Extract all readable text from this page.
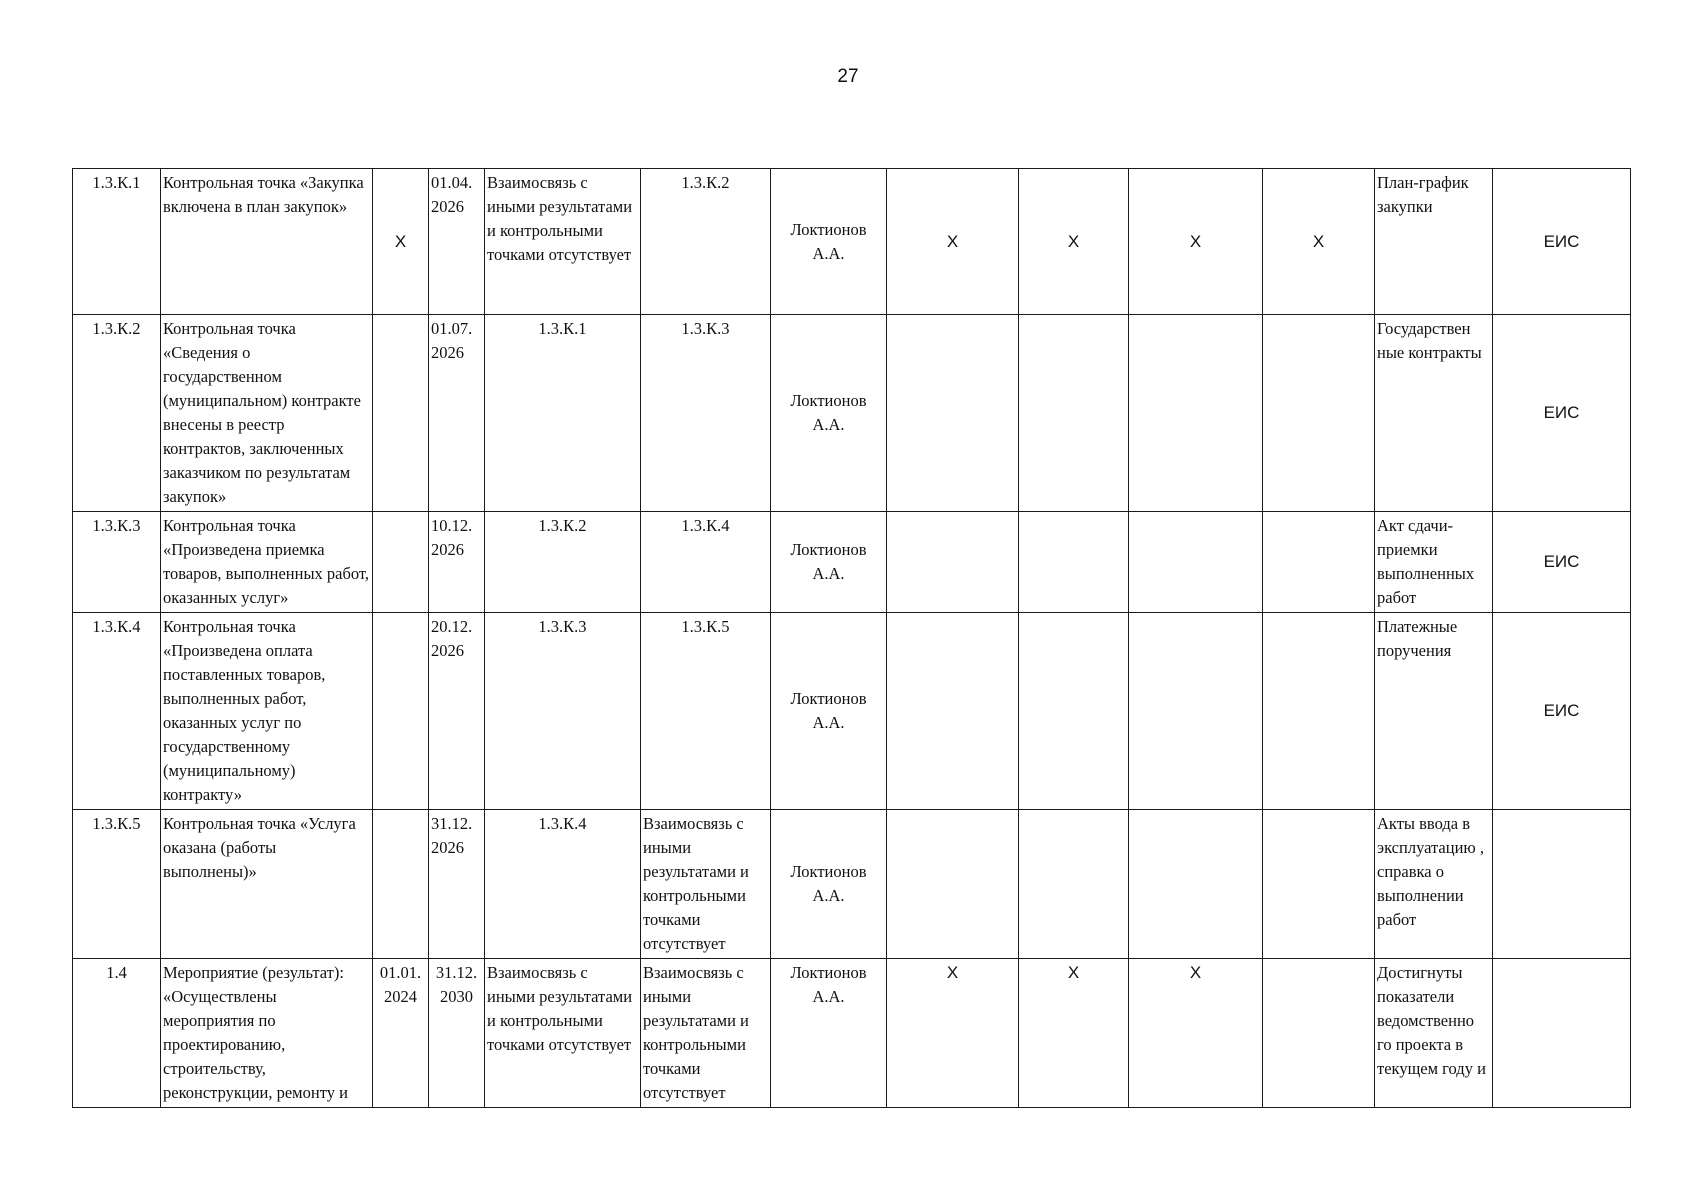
27
1.3.К.1	Контрольная точка «Закупка включена в план закупок»	X	01.04. 2026	Взаимосвязь с иными результатами и контрольными точками отсутствует	1.3.К.2	Локтионов А.А.	X	X	X	X	План-график закупки	ЕИС
1.3.К.2	Контрольная точка «Сведения о государственном (муниципальном) контракте внесены в реестр контрактов, заключенных заказчиком по результатам закупок»		01.07. 2026	1.3.К.1	1.3.К.3	Локтионов А.А.					Государствен ные контракты	ЕИС
1.3.К.3	Контрольная точка «Произведена приемка товаров, выполненных работ, оказанных услуг»		10.12. 2026	1.3.К.2	1.3.К.4	Локтионов А.А.					Акт сдачи-приемки выполненных работ	ЕИС
1.3.К.4	Контрольная точка «Произведена оплата поставленных товаров, выполненных работ, оказанных услуг по государственному (муниципальному) контракту»		20.12. 2026	1.3.К.3	1.3.К.5	Локтионов А.А.					Платежные поручения	ЕИС
1.3.К.5	Контрольная точка «Услуга оказана (работы выполнены)»		31.12. 2026	1.3.К.4	Взаимосвязь с иными результатами и контрольными точками отсутствует	Локтионов А.А.					Акты ввода в эксплуатацию , справка о выполнении работ	
1.4	Мероприятие (результат): «Осуществлены мероприятия по проектированию, строительству, реконструкции, ремонту и	01.01. 2024	31.12. 2030	Взаимосвязь с иными результатами и контрольными точками отсутствует	Взаимосвязь с иными результатами и контрольными точками отсутствует	Локтионов А.А.	X	X	X		Достигнуты показатели ведомственно го проекта в текущем году и	
